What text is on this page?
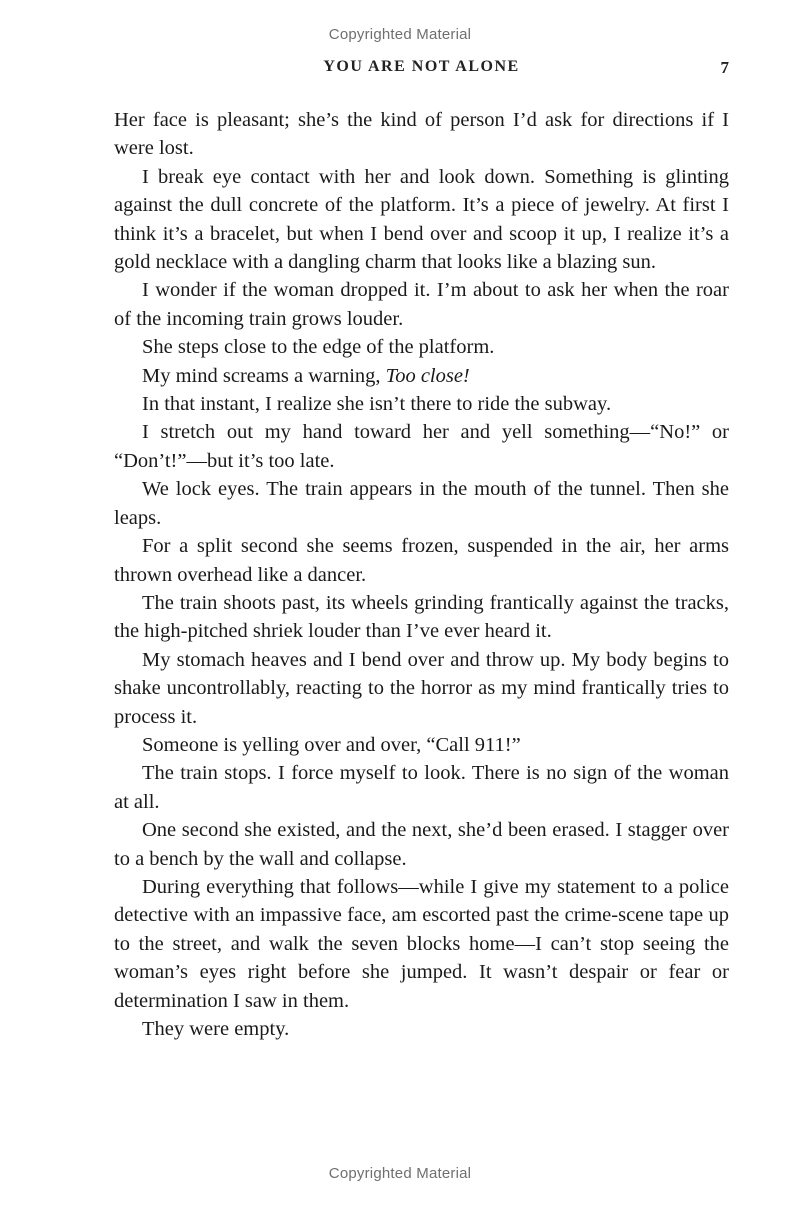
Copyrighted Material
YOU ARE NOT ALONE	7

Her face is pleasant; she’s the kind of person I’d ask for directions if I were lost.

I break eye contact with her and look down. Something is glinting against the dull concrete of the platform. It’s a piece of jewelry. At first I think it’s a bracelet, but when I bend over and scoop it up, I realize it’s a gold necklace with a dangling charm that looks like a blazing sun.

I wonder if the woman dropped it. I’m about to ask her when the roar of the incoming train grows louder.

She steps close to the edge of the platform.

My mind screams a warning, Too close!

In that instant, I realize she isn’t there to ride the subway.

I stretch out my hand toward her and yell something—“No!” or “Don’t!”—but it’s too late.

We lock eyes. The train appears in the mouth of the tunnel. Then she leaps.

For a split second she seems frozen, suspended in the air, her arms thrown overhead like a dancer.

The train shoots past, its wheels grinding frantically against the tracks, the high-pitched shriek louder than I’ve ever heard it.

My stomach heaves and I bend over and throw up. My body begins to shake uncontrollably, reacting to the horror as my mind frantically tries to process it.

Someone is yelling over and over, “Call 911!”

The train stops. I force myself to look. There is no sign of the woman at all.

One second she existed, and the next, she’d been erased. I stagger over to a bench by the wall and collapse.

During everything that follows—while I give my statement to a police detective with an impassive face, am escorted past the crime-scene tape up to the street, and walk the seven blocks home—I can’t stop seeing the woman’s eyes right before she jumped. It wasn’t despair or fear or determination I saw in them.

They were empty.

Copyrighted Material
